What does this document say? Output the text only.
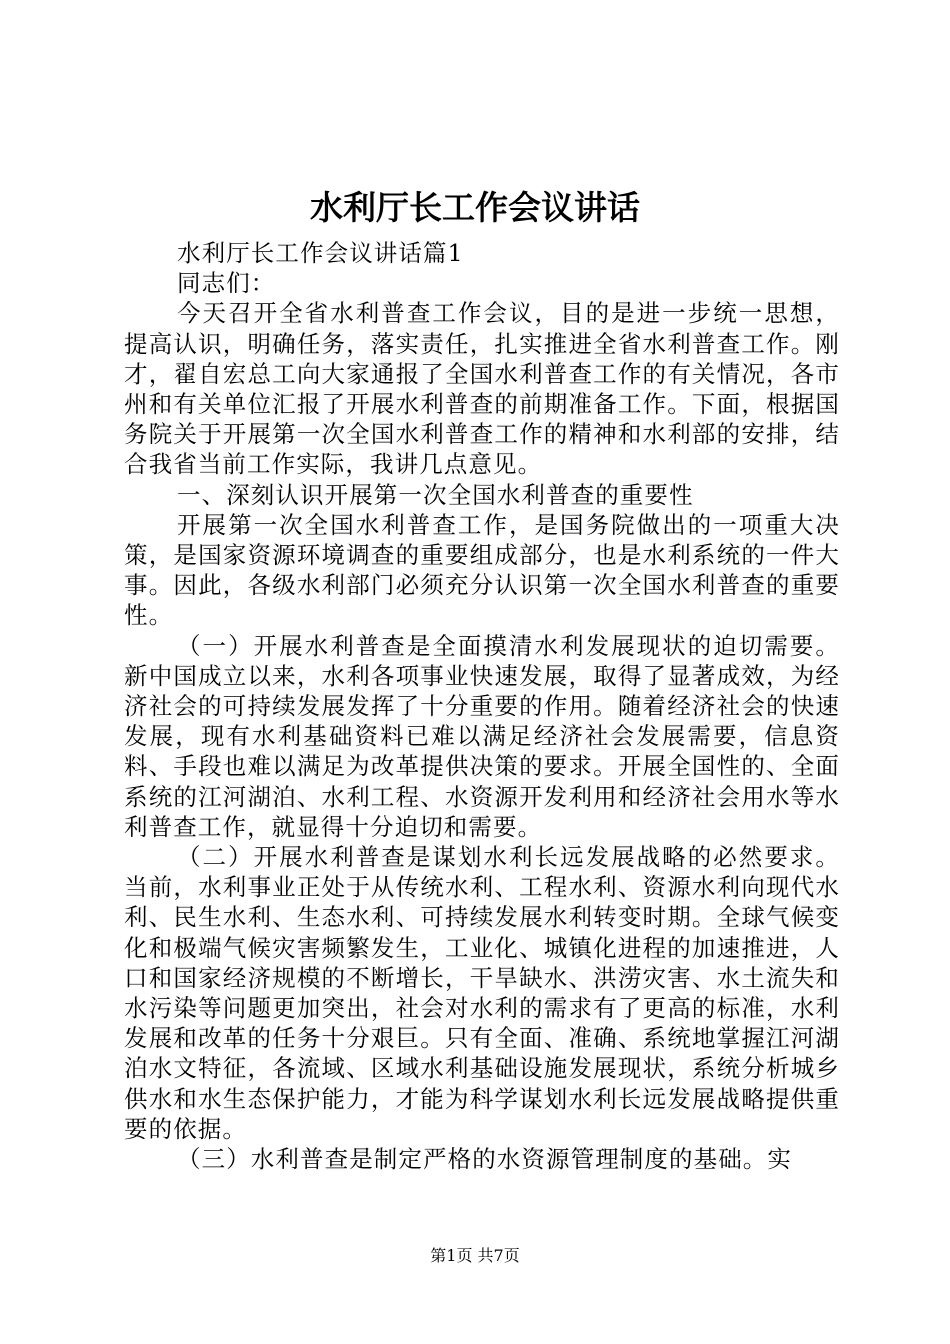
水利厅长工作会议讲话

水利厅长工作会议讲话篇1

同志们：

今天召开全省水利普查工作会议，目的是进一步统一思想，提高认识，明确任务，落实责任，扎实推进全省水利普查工作。刚才，翟自宏总工向大家通报了全国水利普查工作的有关情况，各市州和有关单位汇报了开展水利普查的前期准备工作。下面，根据国务院关于开展第一次全国水利普查工作的精神和水利部的安排，结合我省当前工作实际，我讲几点意见。

一、深刻认识开展第一次全国水利普查的重要性

开展第一次全国水利普查工作，是国务院做出的一项重大决策，是国家资源环境调查的重要组成部分，也是水利系统的一件大事。因此，各级水利部门必须充分认识第一次全国水利普查的重要性。

（一）开展水利普查是全面摸清水利发展现状的迫切需要。新中国成立以来，水利各项事业快速发展，取得了显著成效，为经济社会的可持续发展发挥了十分重要的作用。随着经济社会的快速发展，现有水利基础资料已难以满足经济社会发展需要，信息资料、手段也难以满足为改革提供决策的要求。开展全国性的、全面系统的江河湖泊、水利工程、水资源开发利用和经济社会用水等水利普查工作，就显得十分迫切和需要。

（二）开展水利普查是谋划水利长远发展战略的必然要求。当前，水利事业正处于从传统水利、工程水利、资源水利向现代水利、民生水利、生态水利、可持续发展水利转变时期。全球气候变化和极端气候灾害频繁发生，工业化、城镇化进程的加速推进，人口和国家经济规模的不断增长，干旱缺水、洪涝灾害、水土流失和水污染等问题更加突出，社会对水利的需求有了更高的标准，水利发展和改革的任务十分艰巨。只有全面、准确、系统地掌握江河湖泊水文特征，各流域、区域水利基础设施发展现状，系统分析城乡供水和水生态保护能力，才能为科学谋划水利长远发展战略提供重要的依据。

（三）水利普查是制定严格的水资源管理制度的基础。实

第1页 共7页
